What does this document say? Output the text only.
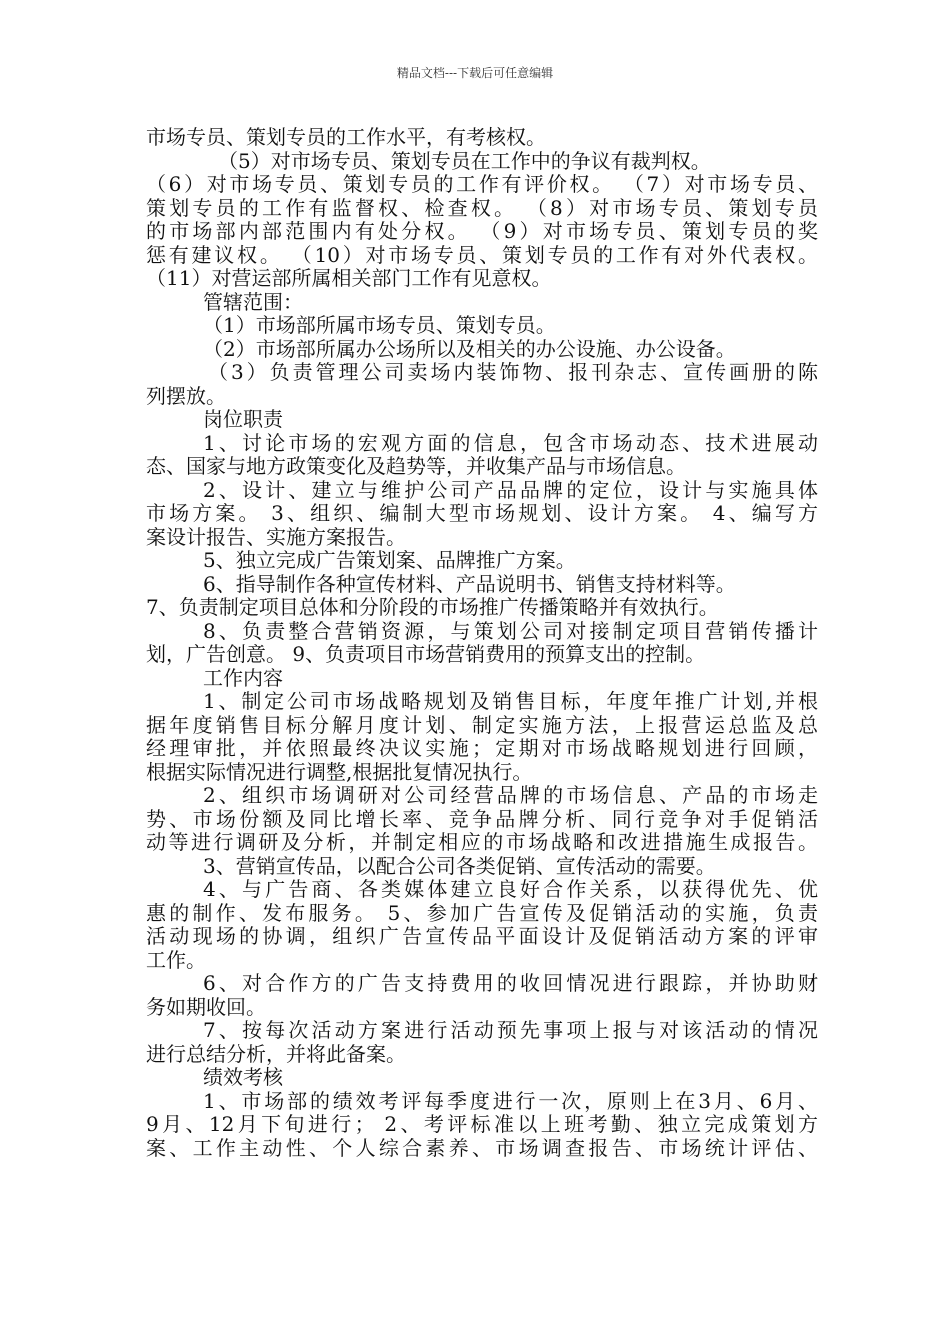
精品文档---下载后可任意编辑
市场专员、策划专员的工作水平，有考核权。
（5）对市场专员、策划专员在工作中的争议有裁判权。
（6）对市场专员、策划专员的工作有评价权。 （7）对市场专员、
策划专员的工作有监督权、检查权。 （8）对市场专员、策划专员
的市场部内部范围内有处分权。 （9）对市场专员、策划专员的奖
惩有建议权。 （10）对市场专员、策划专员的工作有对外代表权。
（11）对营运部所属相关部门工作有见意权。
管辖范围：
（1）市场部所属市场专员、策划专员。
（2）市场部所属办公场所以及相关的办公设施、办公设备。
（3）负责管理公司卖场内装饰物、报刊杂志、宣传画册的陈
列摆放。
岗位职责
1、讨论市场的宏观方面的信息，包含市场动态、技术进展动
态、国家与地方政策变化及趋势等，并收集产品与市场信息。
2、设计、建立与维护公司产品品牌的定位，设计与实施具体
市场方案。 3、组织、编制大型市场规划、设计方案。 4、编写方
案设计报告、实施方案报告。
5、独立完成广告策划案、品牌推广方案。
6、指导制作各种宣传材料、产品说明书、销售支持材料等。
7、负责制定项目总体和分阶段的市场推广传播策略并有效执行。
8、负责整合营销资源，与策划公司对接制定项目营销传播计
划，广告创意。 9、负责项目市场营销费用的预算支出的控制。
工作内容
1、制定公司市场战略规划及销售目标，年度年推广计划,并根
据年度销售目标分解月度计划、制定实施方法，上报营运总监及总
经理审批，并依照最终决议实施；定期对市场战略规划进行回顾，
根据实际情况进行调整,根据批复情况执行。
2、组织市场调研对公司经营品牌的市场信息、产品的市场走
势、市场份额及同比增长率、竞争品牌分析、同行竞争对手促销活
动等进行调研及分析，并制定相应的市场战略和改进措施生成报告。
3、营销宣传品，以配合公司各类促销、宣传活动的需要。
4、与广告商、各类媒体建立良好合作关系，以获得优先、优
惠的制作、发布服务。 5、参加广告宣传及促销活动的实施，负责
活动现场的协调，组织广告宣传品平面设计及促销活动方案的评审
工作。
6、对合作方的广告支持费用的收回情况进行跟踪，并协助财
务如期收回。
7、按每次活动方案进行活动预先事项上报与对该活动的情况
进行总结分析，并将此备案。
绩效考核
1、市场部的绩效考评每季度进行一次，原则上在3月、6月、
9月、12月下旬进行； 2、考评标准以上班考勤、独立完成策划方
案、工作主动性、个人综合素养、市场调查报告、市场统计评估、
